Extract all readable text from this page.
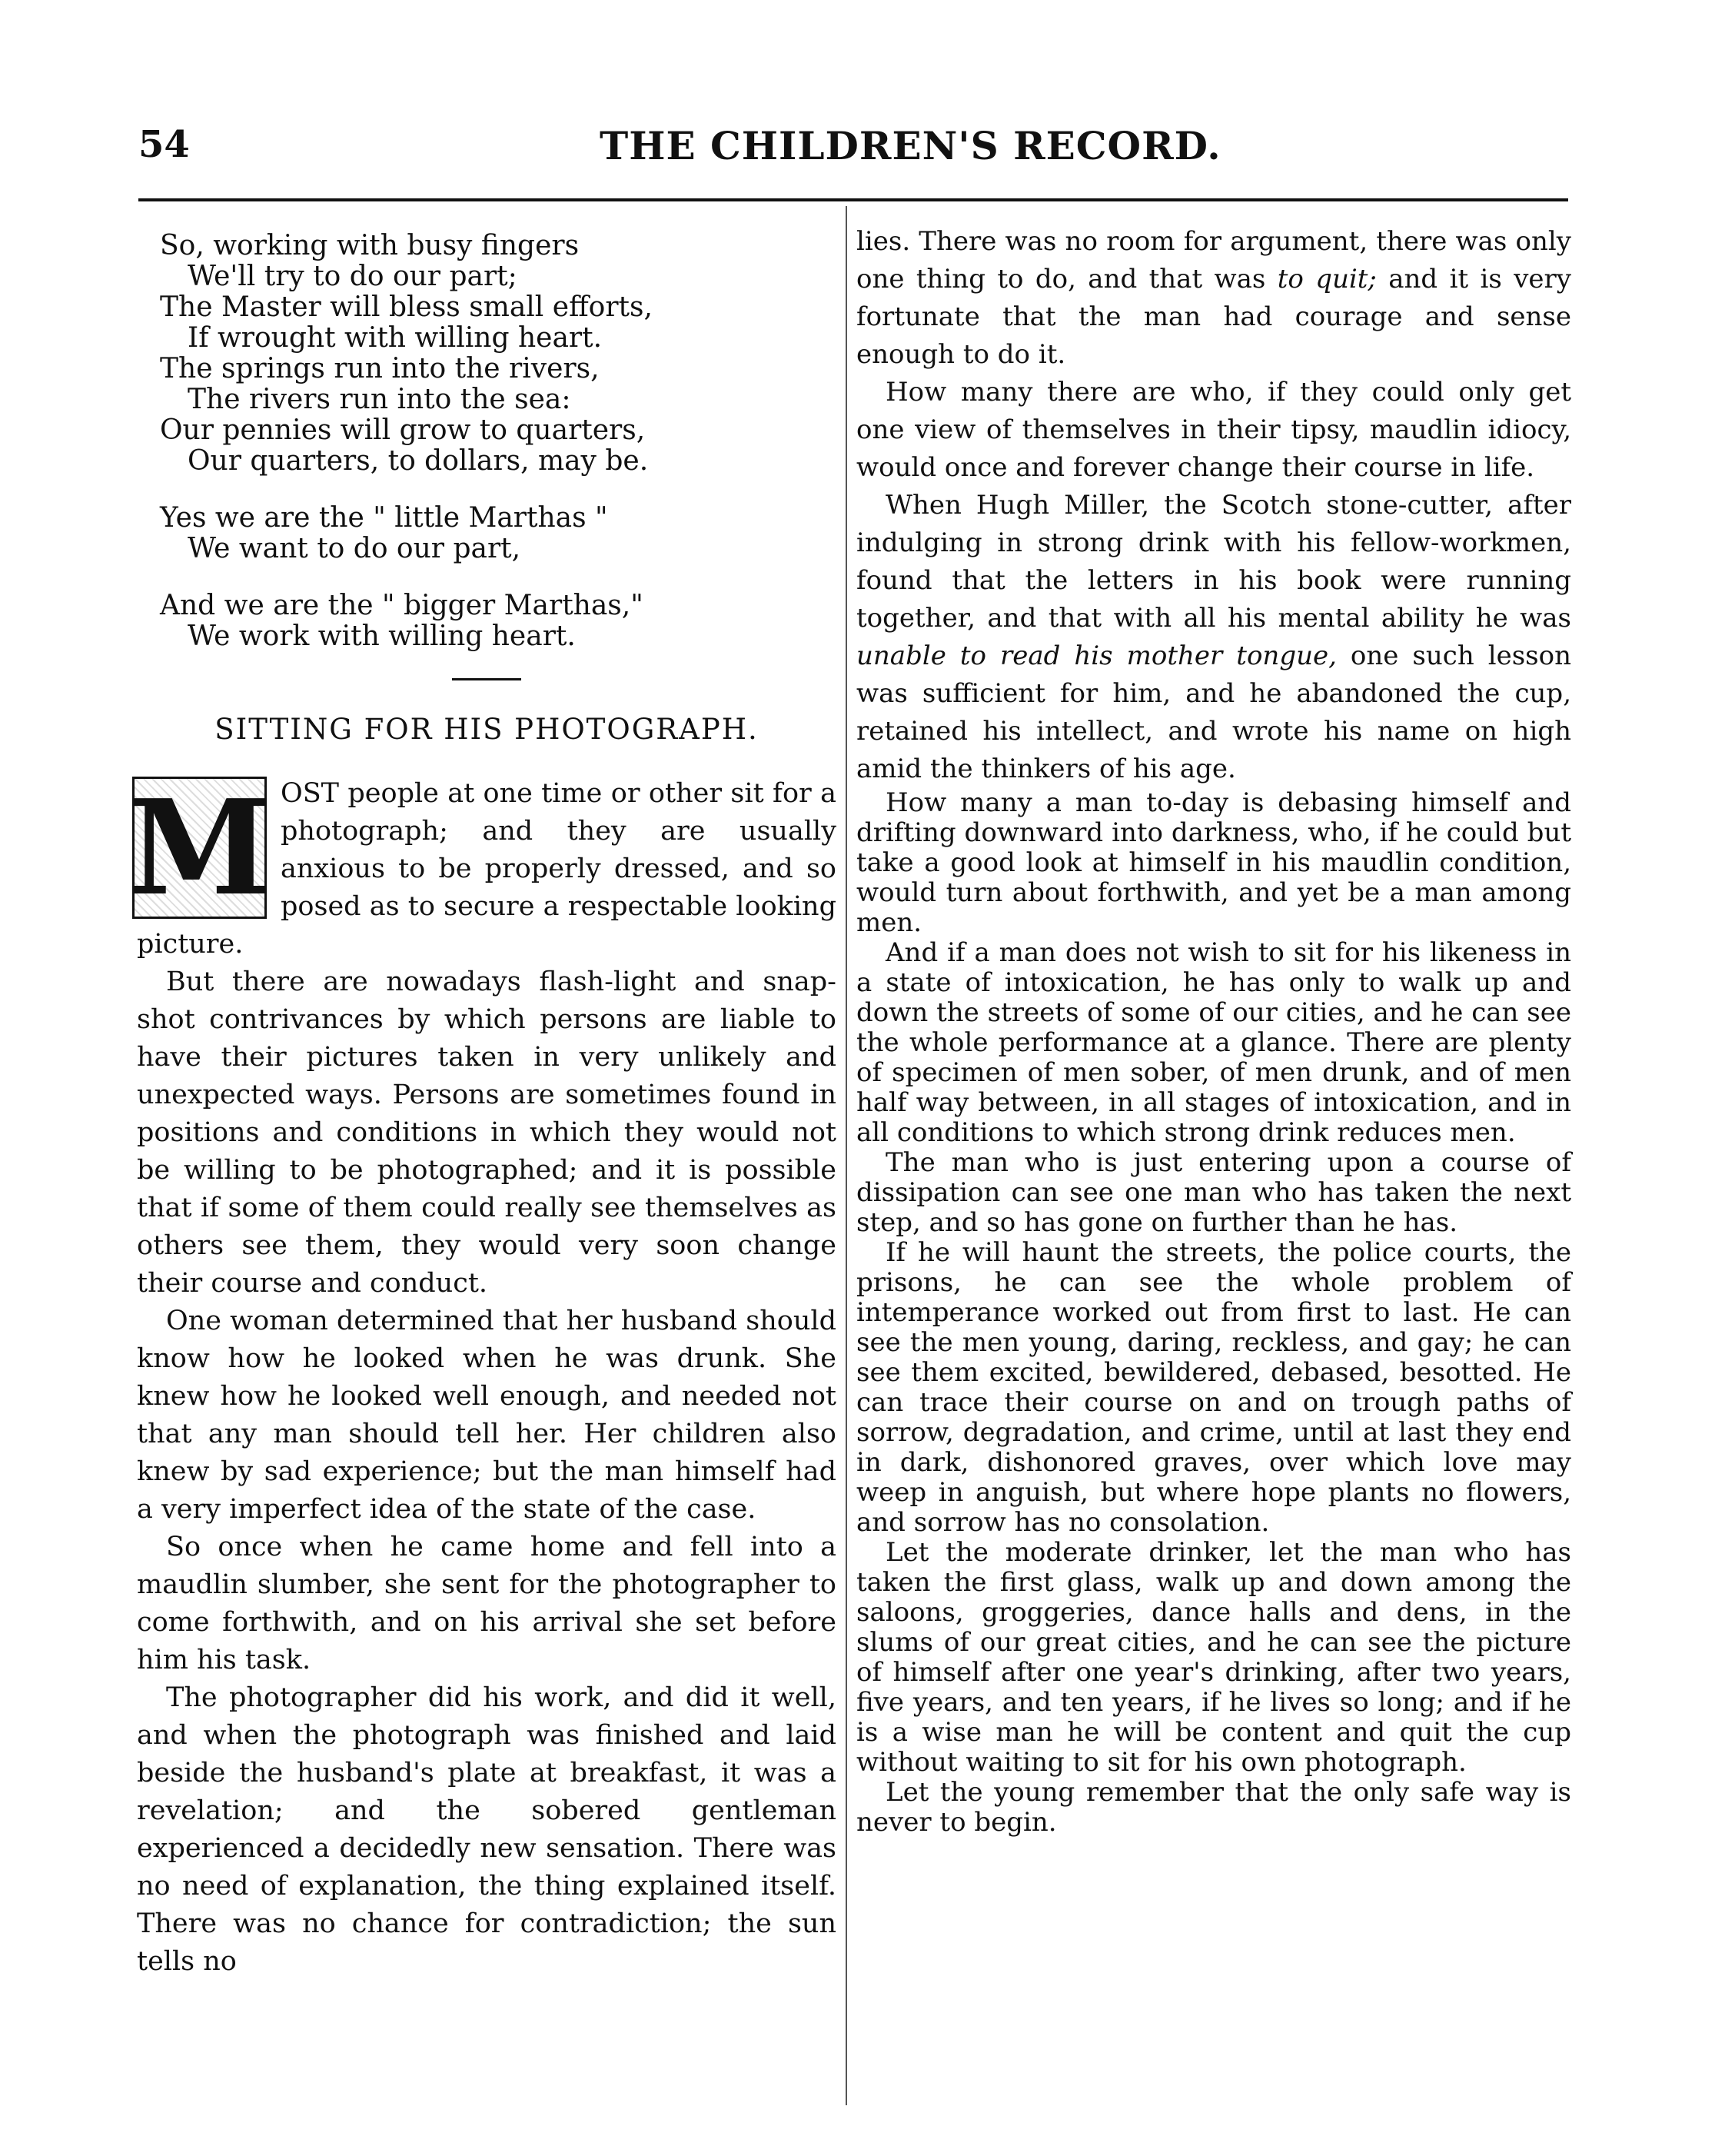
54	THE CHILDREN'S RECORD.
So, working with busy fingers
We'll try to do our part;
The Master will bless small efforts,
If wrought with willing heart.
The springs run into the rivers,
The rivers run into the sea:
Our pennies will grow to quarters,
Our quarters, to dollars, may be.
Yes we are the " little Marthas "
We want to do our part,
And we are the " bigger Marthas,"
We work with willing heart.
SITTING FOR HIS PHOTOGRAPH.

M OST people at one time or other sit for a photograph; and they are usually anxious to be properly dressed, and so posed as to secure a respectable looking picture.

But there are nowadays flash-light and snap-shot contrivances by which persons are liable to have their pictures taken in very unlikely and unexpected ways. Persons are sometimes found in positions and conditions in which they would not be willing to be photographed; and it is possible that if some of them could really see themselves as others see them, they would very soon change their course and conduct.

One woman determined that her husband should know how he looked when he was drunk. She knew how he looked well enough, and needed not that any man should tell her. Her children also knew by sad experience; but the man himself had a very imperfect idea of the state of the case.

So once when he came home and fell into a maudlin slumber, she sent for the photographer to come forthwith, and on his arrival she set before him his task.

The photographer did his work, and did it well, and when the photograph was finished and laid beside the husband's plate at breakfast, it was a revelation; and the sobered gentleman experienced a decidedly new sensation. There was no need of explanation, the thing explained itself. There was no chance for contradiction; the sun tells no

lies. There was no room for argument, there was only one thing to do, and that was to quit; and it is very fortunate that the man had courage and sense enough to do it.

How many there are who, if they could only get one view of themselves in their tipsy, maudlin idiocy, would once and forever change their course in life.

When Hugh Miller, the Scotch stone-cutter, after indulging in strong drink with his fellow-workmen, found that the letters in his book were running together, and that with all his mental ability he was unable to read his mother tongue, one such lesson was sufficient for him, and he abandoned the cup, retained his intellect, and wrote his name on high amid the thinkers of his age.

How many a man to-day is debasing himself and drifting downward into darkness, who, if he could but take a good look at himself in his maudlin condition, would turn about forthwith, and yet be a man among men.

And if a man does not wish to sit for his likeness in a state of intoxication, he has only to walk up and down the streets of some of our cities, and he can see the whole performance at a glance. There are plenty of specimen of men sober, of men drunk, and of men half way between, in all stages of intoxication, and in all conditions to which strong drink reduces men.

The man who is just entering upon a course of dissipation can see one man who has taken the next step, and so has gone on further than he has.

If he will haunt the streets, the police courts, the prisons, he can see the whole problem of intemperance worked out from first to last. He can see the men young, daring, reckless, and gay; he can see them excited, bewildered, debased, besotted. He can trace their course on and on trough paths of sorrow, degradation, and crime, until at last they end in dark, dishonored graves, over which love may weep in anguish, but where hope plants no flowers, and sorrow has no consolation.

Let the moderate drinker, let the man who has taken the first glass, walk up and down among the saloons, groggeries, dance halls and dens, in the slums of our great cities, and he can see the picture of himself after one year's drinking, after two years, five years, and ten years, if he lives so long; and if he is a wise man he will be content and quit the cup without waiting to sit for his own photograph.

Let the young remember that the only safe way is never to begin.
